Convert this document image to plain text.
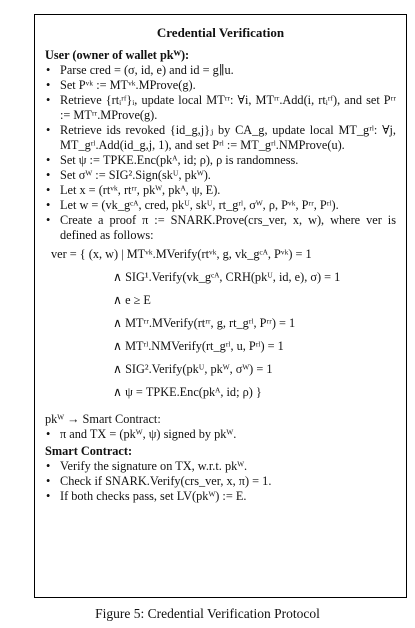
Credential Verification
User (owner of wallet pkᵂ):
• Parse cred = (σ, id, e) and id = g∥u.
• Set Pᵛᵏ := MTᵛᵏ.MProve(g).
• Retrieve {rtᵢʳᶠ}ᵢ, update local MTʳʳ: ∀i, MTʳʳ.Add(i, rtᵢʳᶠ), and set Pʳʳ := MTʳʳ.MProve(g).
• Retrieve ids revoked {id_g,j}ⱼ by CA_g, update local MT_gʳˡ: ∀j, MT_gʳˡ.Add(id_g,j, 1), and set Pʳˡ := MT_gʳˡ.NMProve(u).
• Set ψ := TPKE.Enc(pkᴬ, id; ρ), ρ is randomness.
• Set σᵂ := SIG².Sign(skᵁ, pkᵂ).
• Let x = (rtᵛᵏ, rtʳʳ, pkᵂ, pkᴬ, ψ, E).
• Let w = (vk_gᶜᴬ, cred, pkᵁ, skᵁ, rt_gʳˡ, σᵂ, ρ, Pᵛᵏ, Pʳʳ, Pʳˡ).
• Create a proof π := SNARK.Prove(crs_ver, x, w), where ver is defined as follows:
ver = { (x, w) | MTᵛᵏ.MVerify(rtᵛᵏ, g, vk_gᶜᴬ, Pᵛᵏ) = 1
∧ SIG¹.Verify(vk_gᶜᴬ, CRH(pkᵁ, id, e), σ) = 1
∧ e ≥ E
∧ MTʳʳ.MVerify(rtʳʳ, g, rt_gʳˡ, Pʳʳ) = 1
∧ MTʳˡ.NMVerify(rt_gʳˡ, u, Pʳˡ) = 1
∧ SIG².Verify(pkᵁ, pkᵂ, σᵂ) = 1
∧ ψ = TPKE.Enc(pkᴬ, id; ρ) }
pkᵂ → Smart Contract:
• π and TX = (pkᵂ, ψ) signed by pkᵂ.
Smart Contract:
• Verify the signature on TX, w.r.t. pkᵂ.
• Check if SNARK.Verify(crs_ver, x, π) = 1.
• If both checks pass, set LV(pkᵂ) := E.
Figure 5: Credential Verification Protocol
